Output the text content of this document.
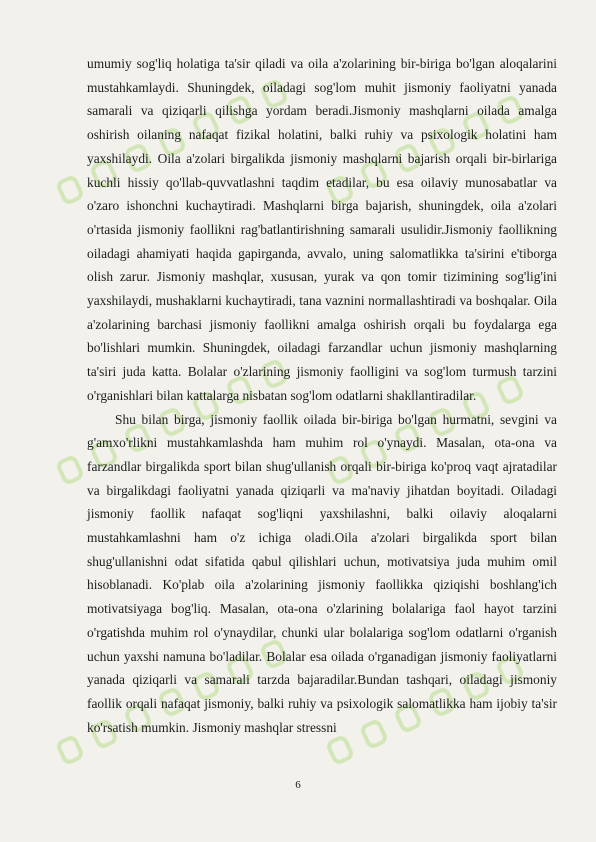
umumiy sog'liq holatiga ta'sir qiladi va oila a'zolarining bir-biriga bo'lgan aloqalarini mustahkamlaydi. Shuningdek, oiladagi sog'lom muhit jismoniy faoliyatni yanada samarali va qiziqarli qilishga yordam beradi.Jismoniy mashqlarni oilada amalga oshirish oilaning nafaqat fizikal holatini, balki ruhiy va psixologik holatini ham yaxshilaydi. Oila a'zolari birgalikda jismoniy mashqlarni bajarish orqali bir-birlariga kuchli hissiy qo'llab-quvvatlashni taqdim etadilar, bu esa oilaviy munosabatlar va o'zaro ishonchni kuchaytiradi. Mashqlarni birga bajarish, shuningdek, oila a'zolari o'rtasida jismoniy faollikni rag'batlantirishning samarali usulidir.Jismoniy faollikning oiladagi ahamiyati haqida gapirganda, avvalo, uning salomatlikka ta'sirini e'tiborga olish zarur. Jismoniy mashqlar, xususan, yurak va qon tomir tizimining sog'lig'ini yaxshilaydi, mushaklarni kuchaytiradi, tana vaznini normallashtiradi va boshqalar. Oila a'zolarining barchasi jismoniy faollikni amalga oshirish orqali bu foydalarga ega bo'lishlari mumkin. Shuningdek, oiladagi farzandlar uchun jismoniy mashqlarning ta'siri juda katta. Bolalar o'zlarining jismoniy faolligini va sog'lom turmush tarzini o'rganishlari bilan kattalarga nisbatan sog'lom odatlarni shakllantiradilar.

Shu bilan birga, jismoniy faollik oilada bir-biriga bo'lgan hurmatni, sevgini va g'amxo'rlikni mustahkamlashda ham muhim rol o'ynaydi. Masalan, ota-ona va farzandlar birgalikda sport bilan shug'ullanish orqali bir-biriga ko'proq vaqt ajratadilar va birgalikdagi faoliyatni yanada qiziqarli va ma'naviy jihatdan boyitadi. Oiladagi jismoniy faollik nafaqat sog'liqni yaxshilashni, balki oilaviy aloqalarni mustahkamlashni ham o'z ichiga oladi.Oila a'zolari birgalikda sport bilan shug'ullanishni odat sifatida qabul qilishlari uchun, motivatsiya juda muhim omil hisoblanadi. Ko'plab oila a'zolarining jismoniy faollikka qiziqishi boshlang'ich motivatsiyaga bog'liq. Masalan, ota-ona o'zlarining bolalariga faol hayot tarzini o'rgatishda muhim rol o'ynaydilar, chunki ular bolalariga sog'lom odatlarni o'rganish uchun yaxshi namuna bo'ladilar. Bolalar esa oilada o'rganadigan jismoniy faoliyatlarni yanada qiziqarli va samarali tarzda bajaradilar.Bundan tashqari, oiladagi jismoniy faollik orqali nafaqat jismoniy, balki ruhiy va psixologik salomatlikka ham ijobiy ta'sir ko'rsatish mumkin. Jismoniy mashqlar stressni

6
